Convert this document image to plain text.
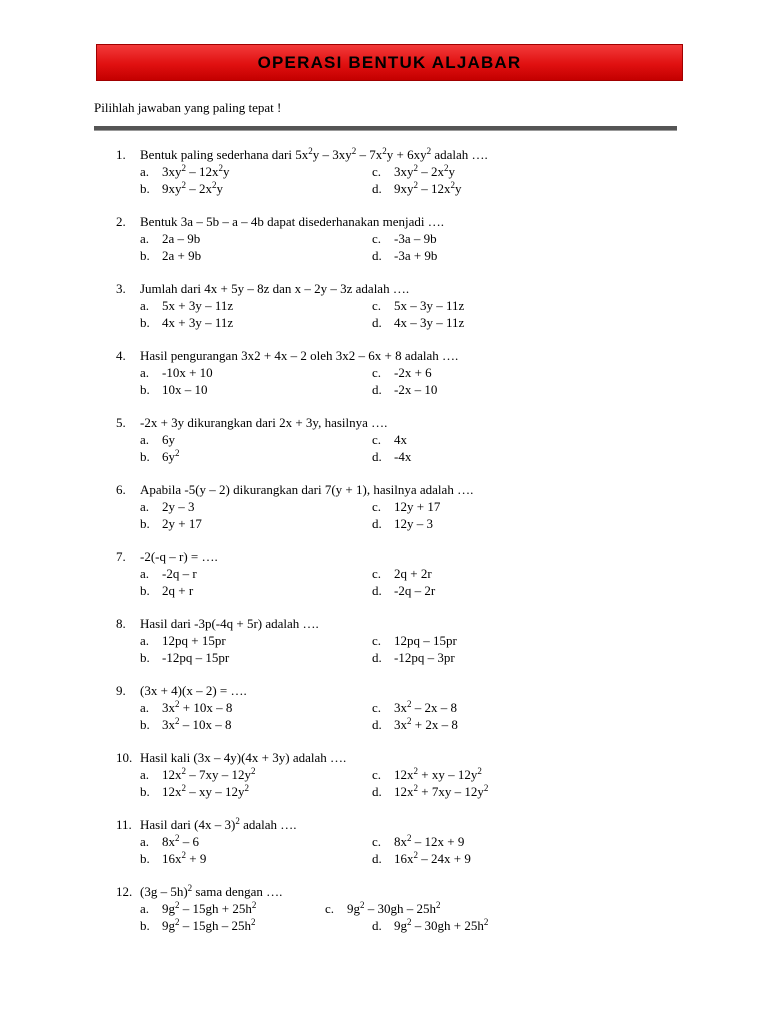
OPERASI BENTUK ALJABAR
Pilihlah jawaban yang paling tepat !
1. Bentuk paling sederhana dari $5x^2y - 3xy^2 - 7x^2y + 6xy^2$ adalah ….
a. $3xy^2 - 12x^2y$	c. $3xy^2 - 2x^2y$
b. $9xy^2 - 2x^2y$	d. $9xy^2 - 12x^2y$
2. Bentuk 3a – 5b – a – 4b dapat disederhanakan menjadi ….
a. 2a – 9b	c. -3a – 9b
b. 2a + 9b	d. -3a + 9b
3. Jumlah dari 4x + 5y – 8z dan x – 2y – 3z adalah ….
a. 5x + 3y – 11z	c. 5x – 3y – 11z
b. 4x + 3y – 11z	d. 4x – 3y – 11z
4. Hasil pengurangan 3x2 + 4x – 2 oleh 3x2 – 6x + 8 adalah ….
a. -10x + 10	c. -2x + 6
b. 10x – 10	d. -2x – 10
5. -2x + 3y dikurangkan dari 2x + 3y, hasilnya ….
a. 6y	c. 4x
b. $6y^2$	d. -4x
6. Apabila -5(y – 2) dikurangkan dari 7(y + 1), hasilnya adalah ….
a. 2y – 3	c. 12y + 17
b. 2y + 17	d. 12y – 3
7. -2(-q – r) = ….
a. -2q – r	c. 2q + 2r
b. 2q + r	d. -2q – 2r
8. Hasil dari -3p(-4q + 5r) adalah ….
a. 12pq + 15pr	c. 12pq – 15pr
b. -12pq – 15pr	d. -12pq – 3pr
9. (3x + 4)(x – 2) = ….
a. $3x^2 + 10x - 8$	c. $3x^2 - 2x - 8$
b. $3x^2 - 10x - 8$	d. $3x^2 + 2x - 8$
10. Hasil kali (3x – 4y)(4x + 3y) adalah ….
a. $12x^2 - 7xy - 12y^2$	c. $12x^2$ + xy – $12y^2$
b. $12x^2$ – xy – $12y^2$	d. $12x^2 + 7xy - 12y^2$
11. Hasil dari (4x – 3)$^2$ adalah ….
a. $8x^2 - 6$	c. $8x^2 - 12x + 9$
b. $16x^2 + 9$	d. $16x^2 - 24x + 9$
12. (3g – 5h)$^2$ sama dengan ….
a. $9g^2 - 15gh + 25h^2$	c. $9g^2 - 30gh - 25h^2$
b. $9g^2 - 15gh - 25h^2$	d. $9g^2 - 30gh + 25h^2$
